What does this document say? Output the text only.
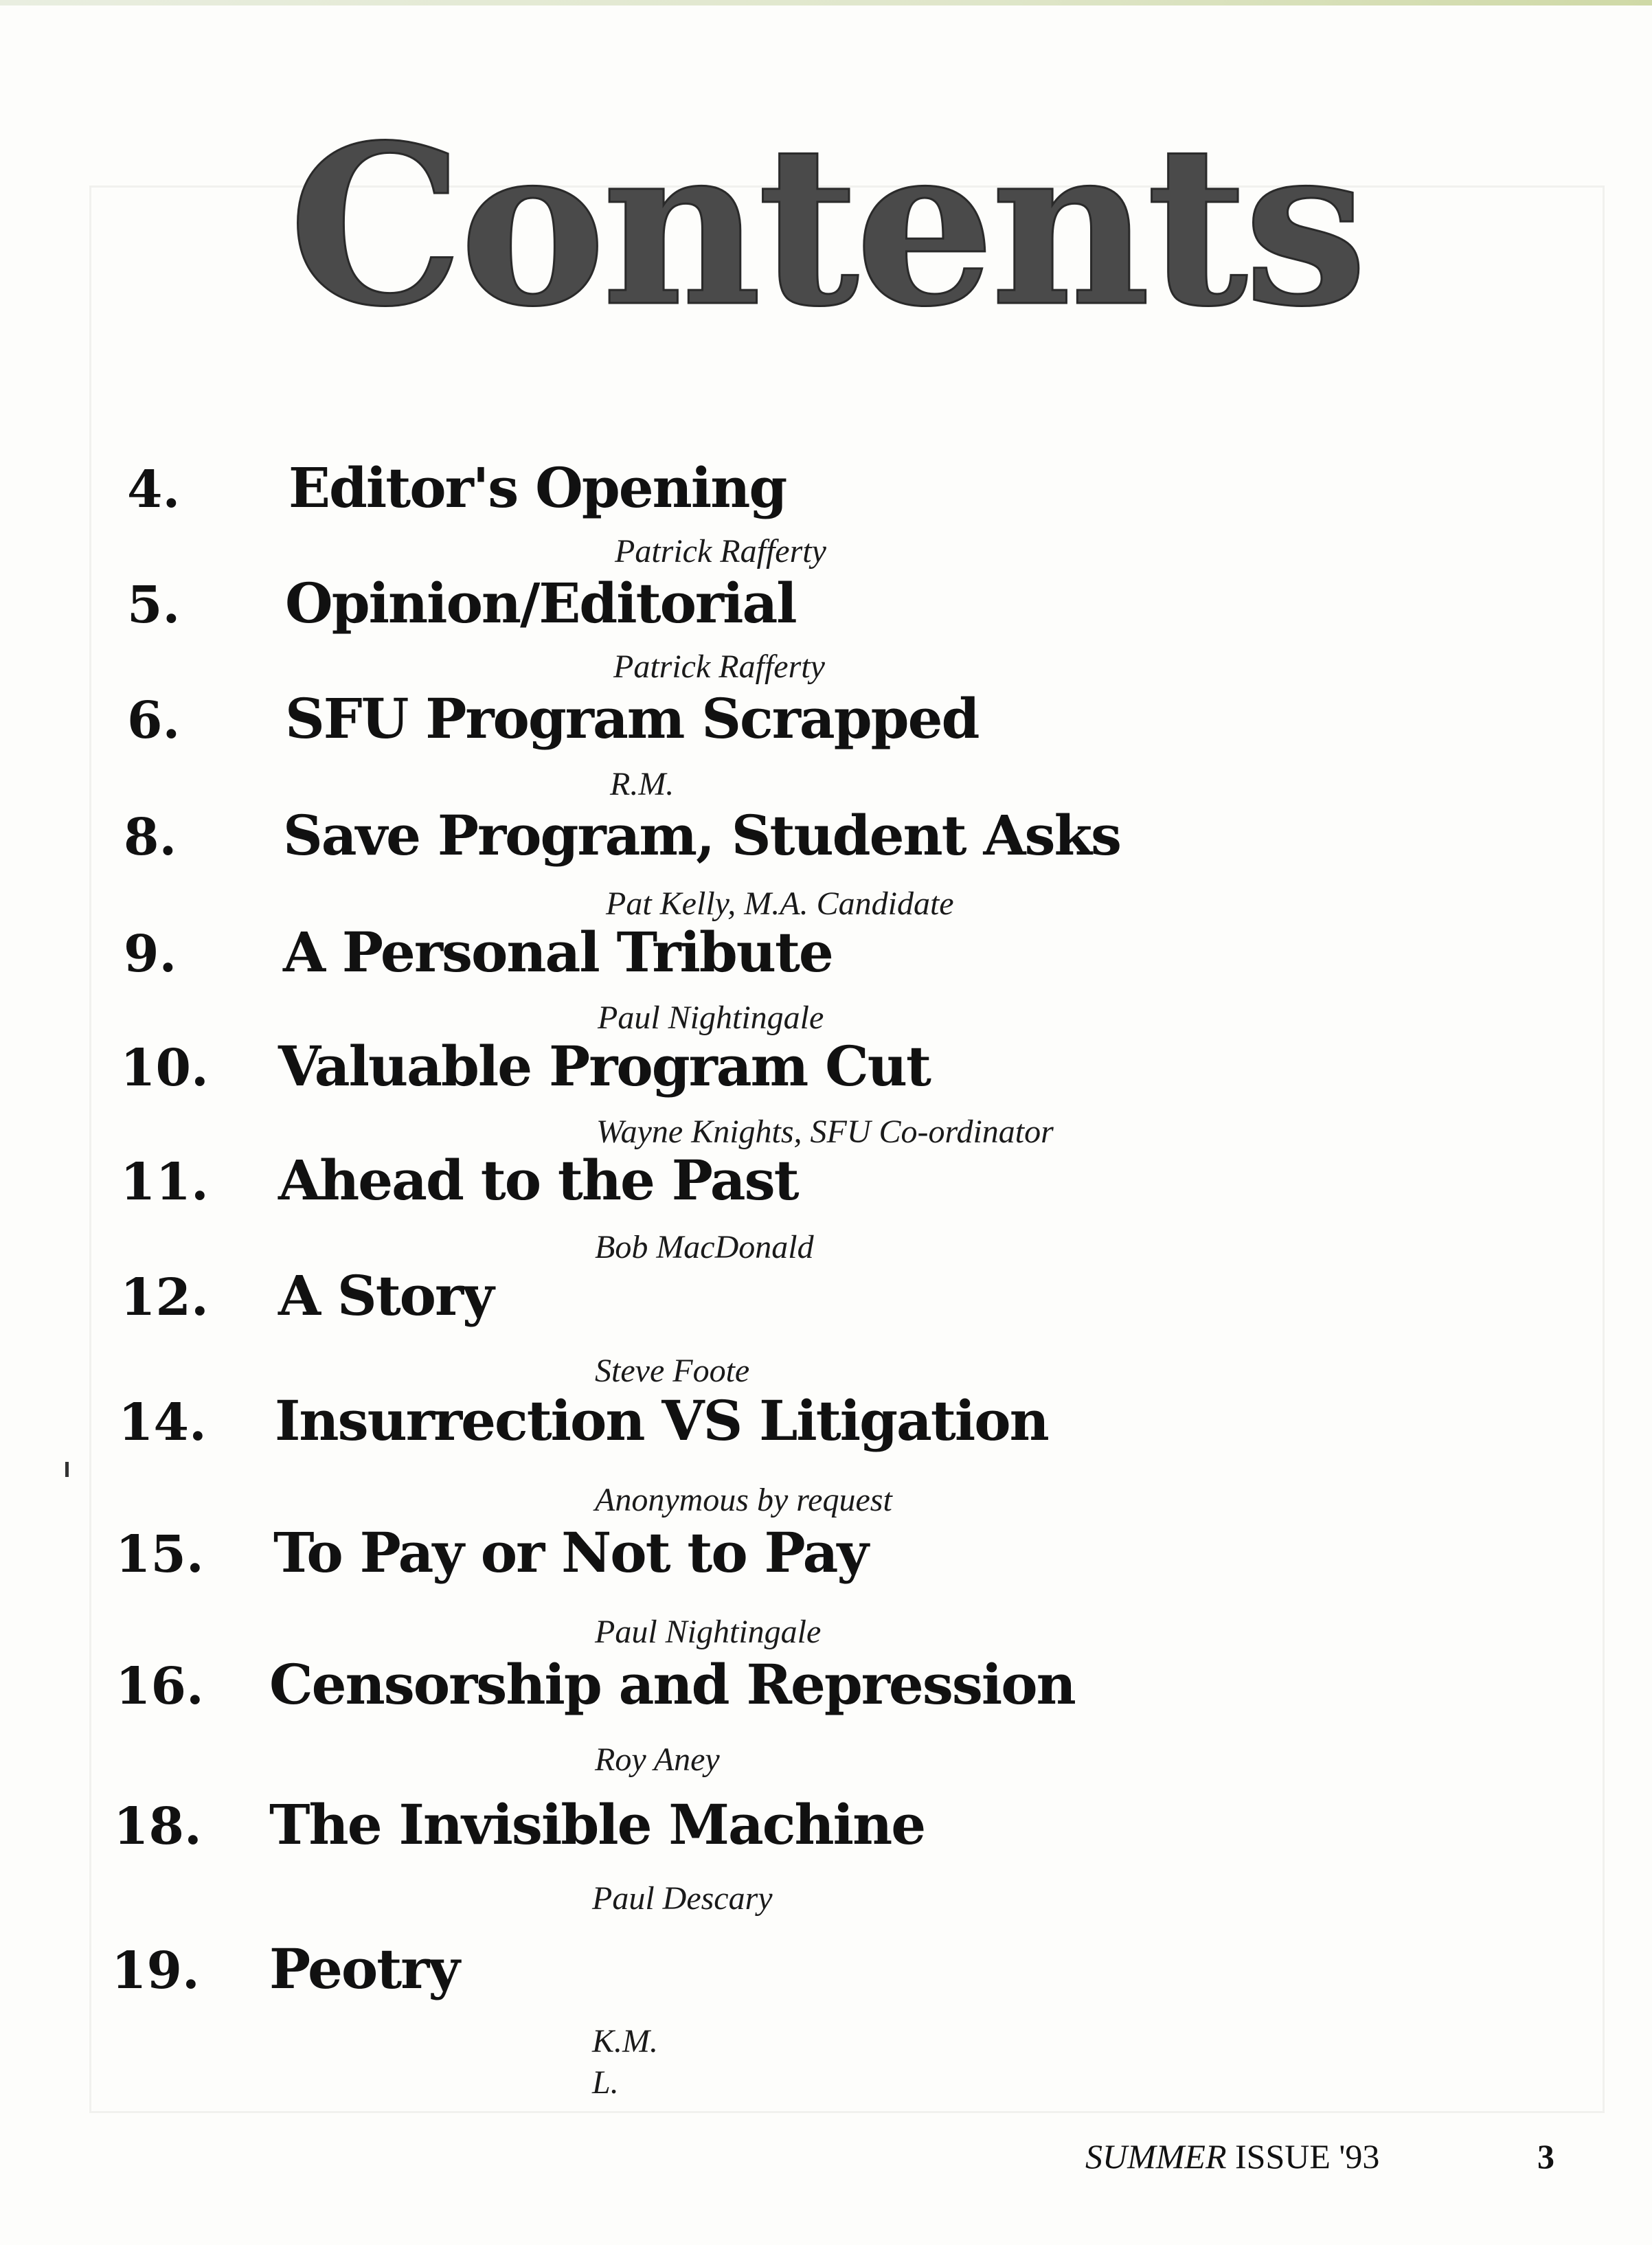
Contents
4. Editor's Opening
Patrick Rafferty
5. Opinion/Editorial
Patrick Rafferty
6. SFU Program Scrapped
R.M.
8. Save Program, Student Asks
Pat Kelly, M.A. Candidate
9. A Personal Tribute
Paul Nightingale
10. Valuable Program Cut
Wayne Knights, SFU Co-ordinator
11. Ahead to the Past
Bob MacDonald
12. A Story
Steve Foote
14. Insurrection VS Litigation
Anonymous by request
15. To Pay or Not to Pay
Paul Nightingale
16. Censorship and Repression
Roy Aney
18. The Invisible Machine
Paul Descary
19. Peotry
K.M.
L.
SUMMER ISSUE '93	3
